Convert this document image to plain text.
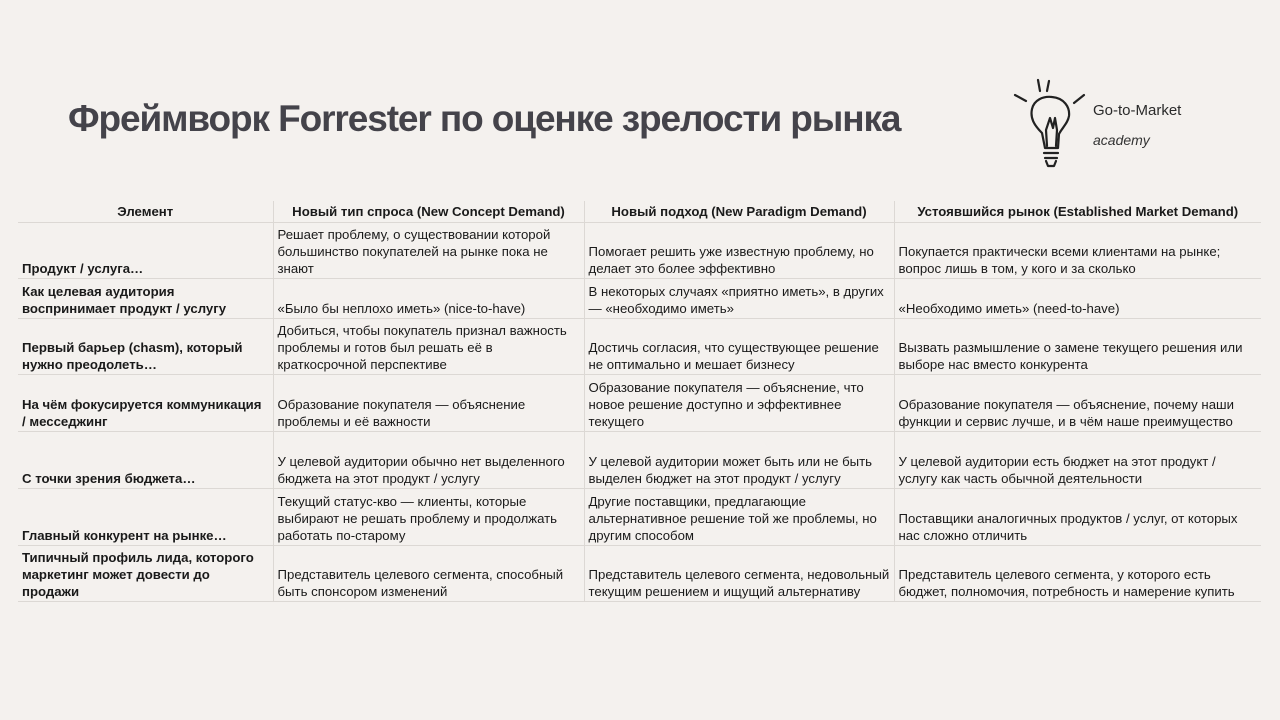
Фреймворк Forrester по оценке зрелости рынка	Go-to-Market
academy
Элемент	Новый тип спроса (New Concept Demand)	Новый подход (New Paradigm Demand)	Устоявшийся рынок (Established Market Demand)
Продукт / услуга…	Решает проблему, о существовании которой большинство покупателей на рынке пока не знают	Помогает решить уже известную проблему, но делает это более эффективно	Покупается практически всеми клиентами на рынке; вопрос лишь в том, у кого и за сколько
Как целевая аудитория воспринимает продукт / услугу	«Было бы неплохо иметь» (nice-to-have)	В некоторых случаях «приятно иметь», в других — «необходимо иметь»	«Необходимо иметь» (need-to-have)
Первый барьер (chasm), который нужно преодолеть…	Добиться, чтобы покупатель признал важность проблемы и готов был решать её в краткосрочной перспективе	Достичь согласия, что существующее решение не оптимально и мешает бизнесу	Вызвать размышление о замене текущего решения или выборе нас вместо конкурента
На чём фокусируется коммуникация / месседжинг	Образование покупателя — объяснение проблемы и её важности	Образование покупателя — объяснение, что новое решение доступно и эффективнее текущего	Образование покупателя — объяснение, почему наши функции и сервис лучше, и в чём наше преимущество
С точки зрения бюджета…	У целевой аудитории обычно нет выделенного бюджета на этот продукт / услугу	У целевой аудитории может быть или не быть выделен бюджет на этот продукт / услугу	У целевой аудитории есть бюджет на этот продукт / услугу как часть обычной деятельности
Главный конкурент на рынке…	Текущий статус-кво — клиенты, которые выбирают не решать проблему и продолжать работать по-старому	Другие поставщики, предлагающие альтернативное решение той же проблемы, но другим способом	Поставщики аналогичных продуктов / услуг, от которых нас сложно отличить
Типичный профиль лида, которого маркетинг может довести до продажи	Представитель целевого сегмента, способный быть спонсором изменений	Представитель целевого сегмента, недовольный текущим решением и ищущий альтернативу	Представитель целевого сегмента, у которого есть бюджет, полномочия, потребность и намерение купить
